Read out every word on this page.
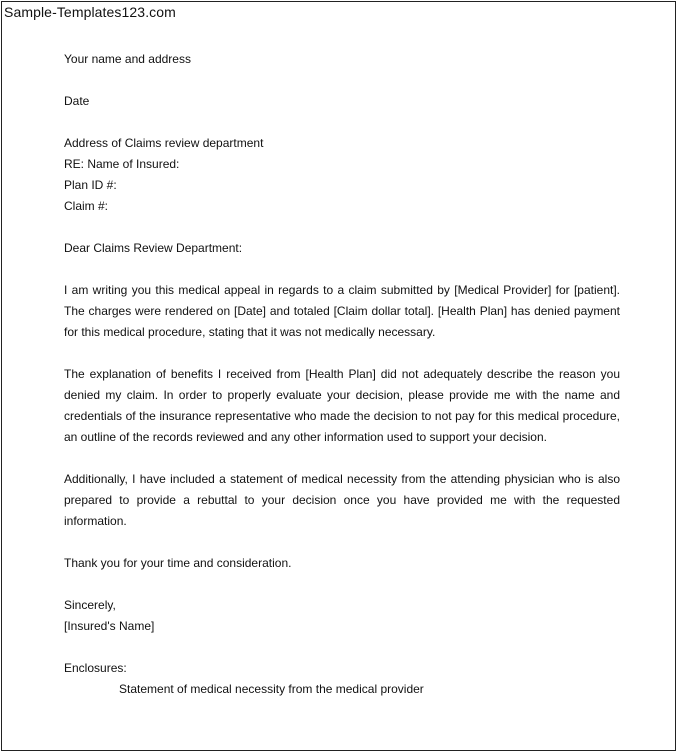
Sample-Templates123.com

Your name and address

Date

Address of Claims review department

RE: Name of Insured:

Plan ID #:

Claim #:

Dear Claims Review Department:

I am writing you this medical appeal in regards to a claim submitted by [Medical Provider] for [patient]. The charges were rendered on [Date] and totaled [Claim dollar total]. [Health Plan] has denied payment for this medical procedure, stating that it was not medically necessary.

The explanation of benefits I received from [Health Plan] did not adequately describe the reason you denied my claim. In order to properly evaluate your decision, please provide me with the name and credentials of the insurance representative who made the decision to not pay for this medical procedure, an outline of the records reviewed and any other information used to support your decision.

Additionally, I have included a statement of medical necessity from the attending physician who is also prepared to provide a rebuttal to your decision once you have provided me with the requested information.

Thank you for your time and consideration.

Sincerely,

[Insured's Name]

Enclosures:

Statement of medical necessity from the medical provider
